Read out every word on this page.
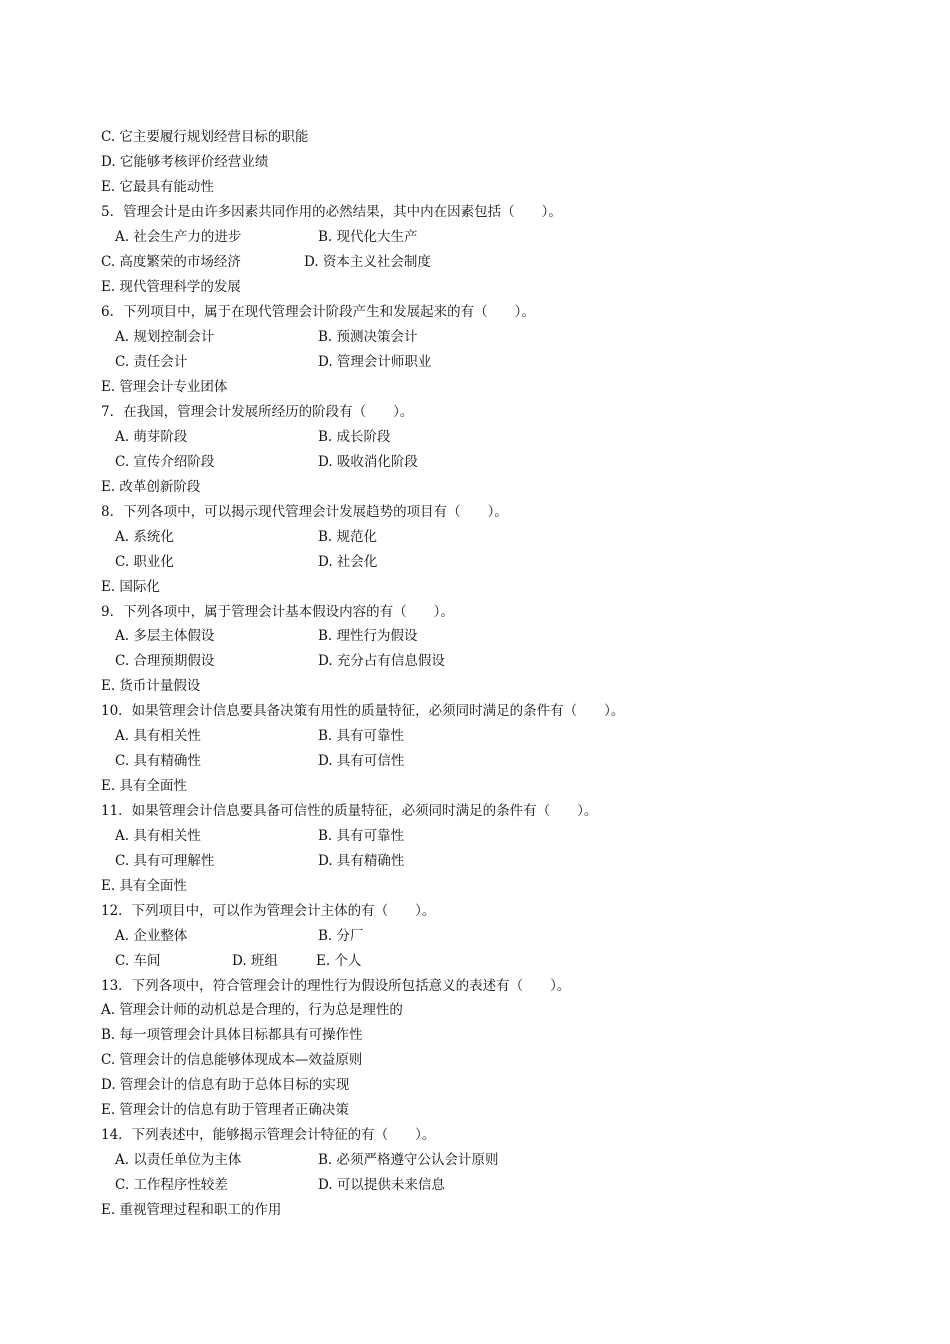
C. 它主要履行规划经营目标的职能
D. 它能够考核评价经营业绩
E. 它最具有能动性
5．管理会计是由许多因素共同作用的必然结果，其中内在因素包括（　　）。
A. 社会生产力的进步	B. 现代化大生产
C. 高度繁荣的市场经济	D. 资本主义社会制度
E. 现代管理科学的发展
6．下列项目中，属于在现代管理会计阶段产生和发展起来的有（　　）。
A. 规划控制会计	B. 预测决策会计
C. 责任会计	D. 管理会计师职业
E. 管理会计专业团体
7．在我国，管理会计发展所经历的阶段有（　　）。
A. 萌芽阶段	B. 成长阶段
C. 宣传介绍阶段	D. 吸收消化阶段
E. 改革创新阶段
8．下列各项中，可以揭示现代管理会计发展趋势的项目有（　　）。
A. 系统化	B. 规范化
C. 职业化	D. 社会化
E. 国际化
9．下列各项中，属于管理会计基本假设内容的有（　　）。
A. 多层主体假设	B. 理性行为假设
C. 合理预期假设	D. 充分占有信息假设
E. 货币计量假设
10．如果管理会计信息要具备决策有用性的质量特征，必须同时满足的条件有（　　）。
A. 具有相关性	B. 具有可靠性
C. 具有精确性	D. 具有可信性
E. 具有全面性
11．如果管理会计信息要具备可信性的质量特征，必须同时满足的条件有（　　）。
A. 具有相关性	B. 具有可靠性
C. 具有可理解性	D. 具有精确性
E. 具有全面性
12．下列项目中，可以作为管理会计主体的有（　　）。
A. 企业整体	B. 分厂
C. 车间	D. 班组	E. 个人
13．下列各项中，符合管理会计的理性行为假设所包括意义的表述有（　　）。
A. 管理会计师的动机总是合理的，行为总是理性的
B. 每一项管理会计具体目标都具有可操作性
C. 管理会计的信息能够体现成本—效益原则
D. 管理会计的信息有助于总体目标的实现
E. 管理会计的信息有助于管理者正确决策
14．下列表述中，能够揭示管理会计特征的有（　　）。
A. 以责任单位为主体	B. 必须严格遵守公认会计原则
C. 工作程序性较差	D. 可以提供未来信息
E. 重视管理过程和职工的作用
